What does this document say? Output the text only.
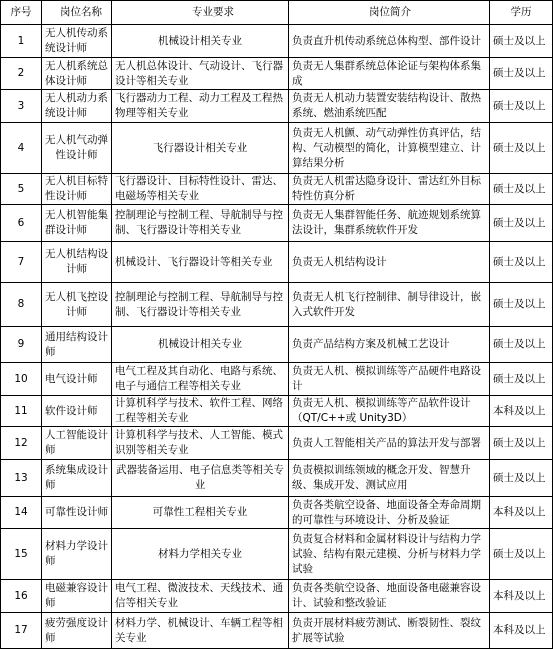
序号	岗位名称	专业要求	岗位简介	学历
1	无人机传动系统设计师	机械设计相关专业	负责直升机传动系统总体构型、部件设计	硕士及以上
2	无人机系统总体设计师	无人机总体设计、气动设计、飞行器设计等相关专业	负责无人集群系统总体论证与架构体系集成	硕士及以上
3	无人机动力系统设计师	飞行器动力工程、动力工程及工程热物理等相关专业	负责无人机动力装置安装结构设计、散热系统、燃油系统匹配	硕士及以上
4	无人机气动弹性设计师	飞行器设计相关专业	负责无人机颤、动气动弹性仿真评估，结构、气动模型的简化，计算模型建立、计算结果分析	硕士及以上
5	无人机目标特性设计师	飞行器设计、目标特性设计、雷达、电磁场等相关专业	负责无人机雷达隐身设计、雷达红外目标特性仿真分析	硕士及以上
6	无人机智能集群设计师	控制理论与控制工程、导航制导与控制、飞行器设计等相关专业	负责无人集群智能任务、航迹规划系统算法设计，集群系统软件开发	硕士及以上
7	无人机结构设计师	机械设计、飞行器设计等相关专业	负责无人机结构设计	硕士及以上
8	无人机飞控设计师	控制理论与控制工程、导航制导与控制、飞行器设计等相关专业	负责无人机飞行控制律、制导律设计，嵌入式软件开发	硕士及以上
9	通用结构设计师	机械设计相关专业	负责产品结构方案及机械工艺设计	硕士及以上
10	电气设计师	电气工程及其自动化、电路与系统、电子与通信工程等相关专业	负责无人机、模拟训练等产品硬件电路设计	硕士及以上
11	软件设计师	计算机科学与技术、软件工程、网络工程等相关专业	负责无人机、模拟训练等产品软件设计（QT/C++或 Unity3D）	本科及以上
12	人工智能设计师	计算机科学与技术、人工智能、模式识别等相关专业	负责人工智能相关产品的算法开发与部署	硕士及以上
13	系统集成设计师	武器装备运用、电子信息类等相关专业	负责模拟训练领域的概念开发、智慧升级、集成开发、测试应用	硕士及以上
14	可靠性设计师	可靠性工程相关专业	负责各类航空设备、地面设备全寿命周期的可靠性与环境设计、分析及验证	本科及以上
15	材料力学设计师	材料力学相关专业	负责复合材料和金属材料设计与结构力学试验、结构有限元建模、分析与材料力学试验	硕士及以上
16	电磁兼容设计师	电气工程、微波技术、天线技术、通信等相关专业	负责各类航空设备、地面设备电磁兼容设计、试验和整改验证	本科及以上
17	疲劳强度设计师	材料力学、机械设计、车辆工程等相关专业	负责开展材料疲劳测试、断裂韧性、裂纹扩展等试验	本科及以上
